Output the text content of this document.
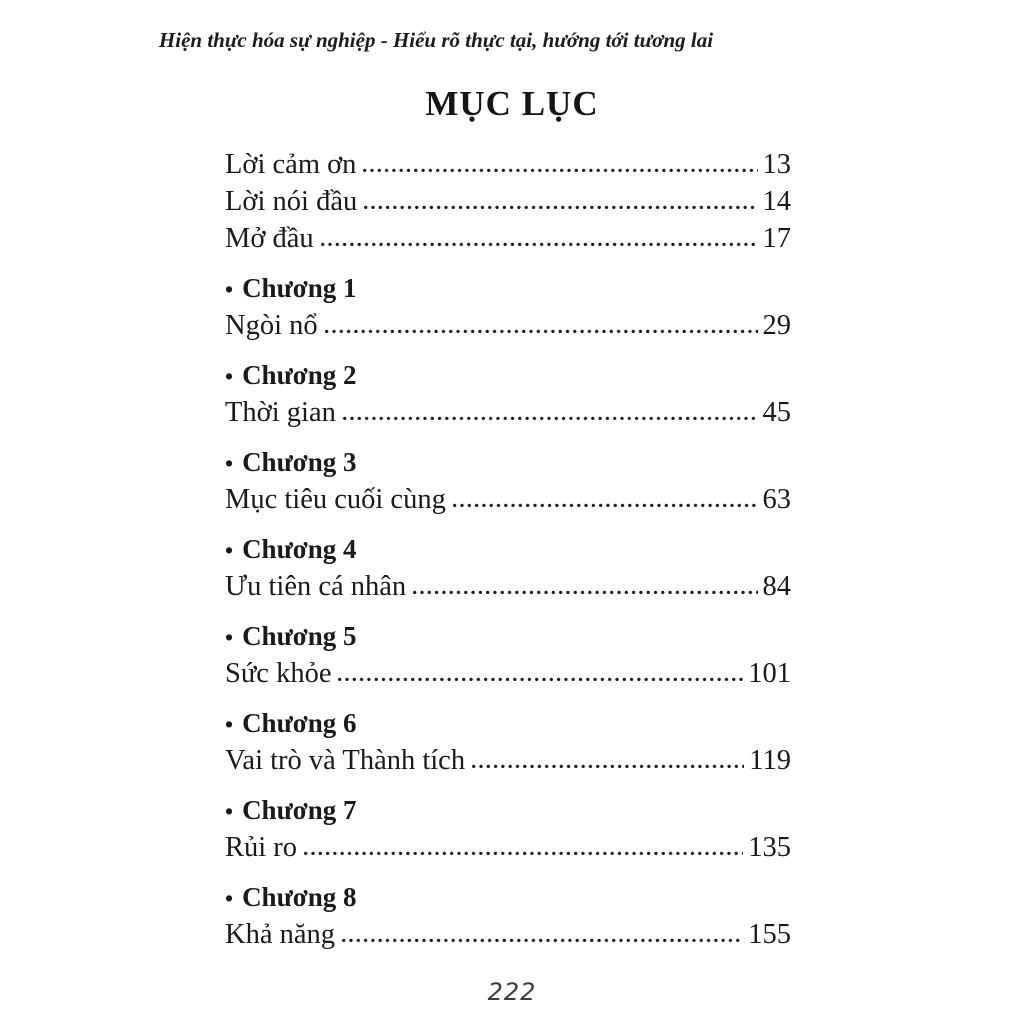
Hiện thực hóa sự nghiệp - Hiểu rõ thực tại, hướng tới tương lai
MỤC LỤC
Lời cảm ơn	13
Lời nói đầu	14
Mở đầu	17
• Chương 1
Ngòi nổ	29
• Chương 2
Thời gian	45
• Chương 3
Mục tiêu cuối cùng	63
• Chương 4
Ưu tiên cá nhân	84
• Chương 5
Sức khỏe	101
• Chương 6
Vai trò và Thành tích	119
• Chương 7
Rủi ro	135
• Chương 8
Khả năng	155
222
